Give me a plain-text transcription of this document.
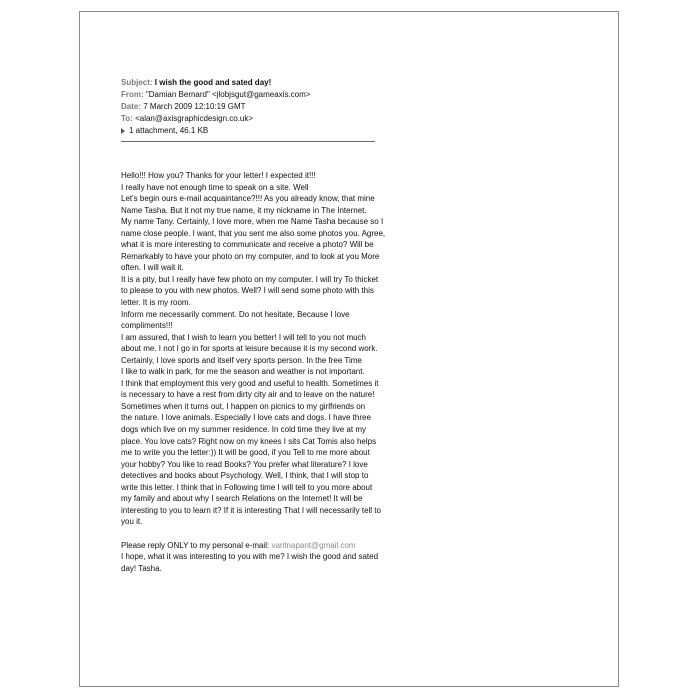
Subject: I wish the good and sated day!
From: "Damian Bernard" <jlobjsgut@gameaxis.com>
Date: 7 March 2009 12:10:19 GMT
To: <alan@axisgraphicdesign.co.uk>
1 attachment, 46.1 KB
Hello!!! How you? Thanks for your letter! I expected it!!!
I really have not enough time to speak on a site. Well
Let's begin ours e-mail acquaintance?!!! As you already know, that mine
Name Tasha. But it not my true name, it my nickname in The Internet.
My name Tany. Certainly, I love more, when me Name Tasha because so I
name close people. I want, that you sent me also some photos you. Agree,
what it is more interesting to communicate and receive a photo? Will be
Remarkably to have your photo on my computer, and to look at you More
often. I will wait it.
It is a pity, but I really have few photo on my computer. I will try To thicket
to please to you with new photos. Well? I will send some photo with this
letter. It is my room.
Inform me necessarily comment. Do not hesitate, Because I love
compliments!!!
I am assured, that I wish to learn you better! I will tell to you not much
about me. I not I go in for sports at leisure because it is my second work.
Certainly, I love sports and itself very sports person. In the free Time
I like to walk in park, for me the season and weather is not important.
I think that employment this very good and useful to health. Sometimes it
is necessary to have a rest from dirty city air and to leave on the nature!
Sometimes when it turns out, I happen on picnics to my girlfriends on
the nature. I love animals. Especially I love cats and dogs. I have three
dogs which live on my summer residence. In cold time they live at my
place. You love cats? Right now on my knees I sits Cat Tomis also helps
me to write you the letter:)) It will be good, if you Tell to me more about
your hobby? You like to read Books? You prefer what literature? I love
detectives and books about Psychology. Well, I think, that I will stop to
write this letter. I think that in Following time I will tell to you more about
my family and about why I search Relations on the Internet! It will be
interesting to you to learn it? If it is interesting That I will necessarily tell to
you it.
Please reply ONLY to my personal e-mail: varitnapant@gmail.com
I hope, what it was interesting to you with me? I wish the good and sated
day! Tasha.
